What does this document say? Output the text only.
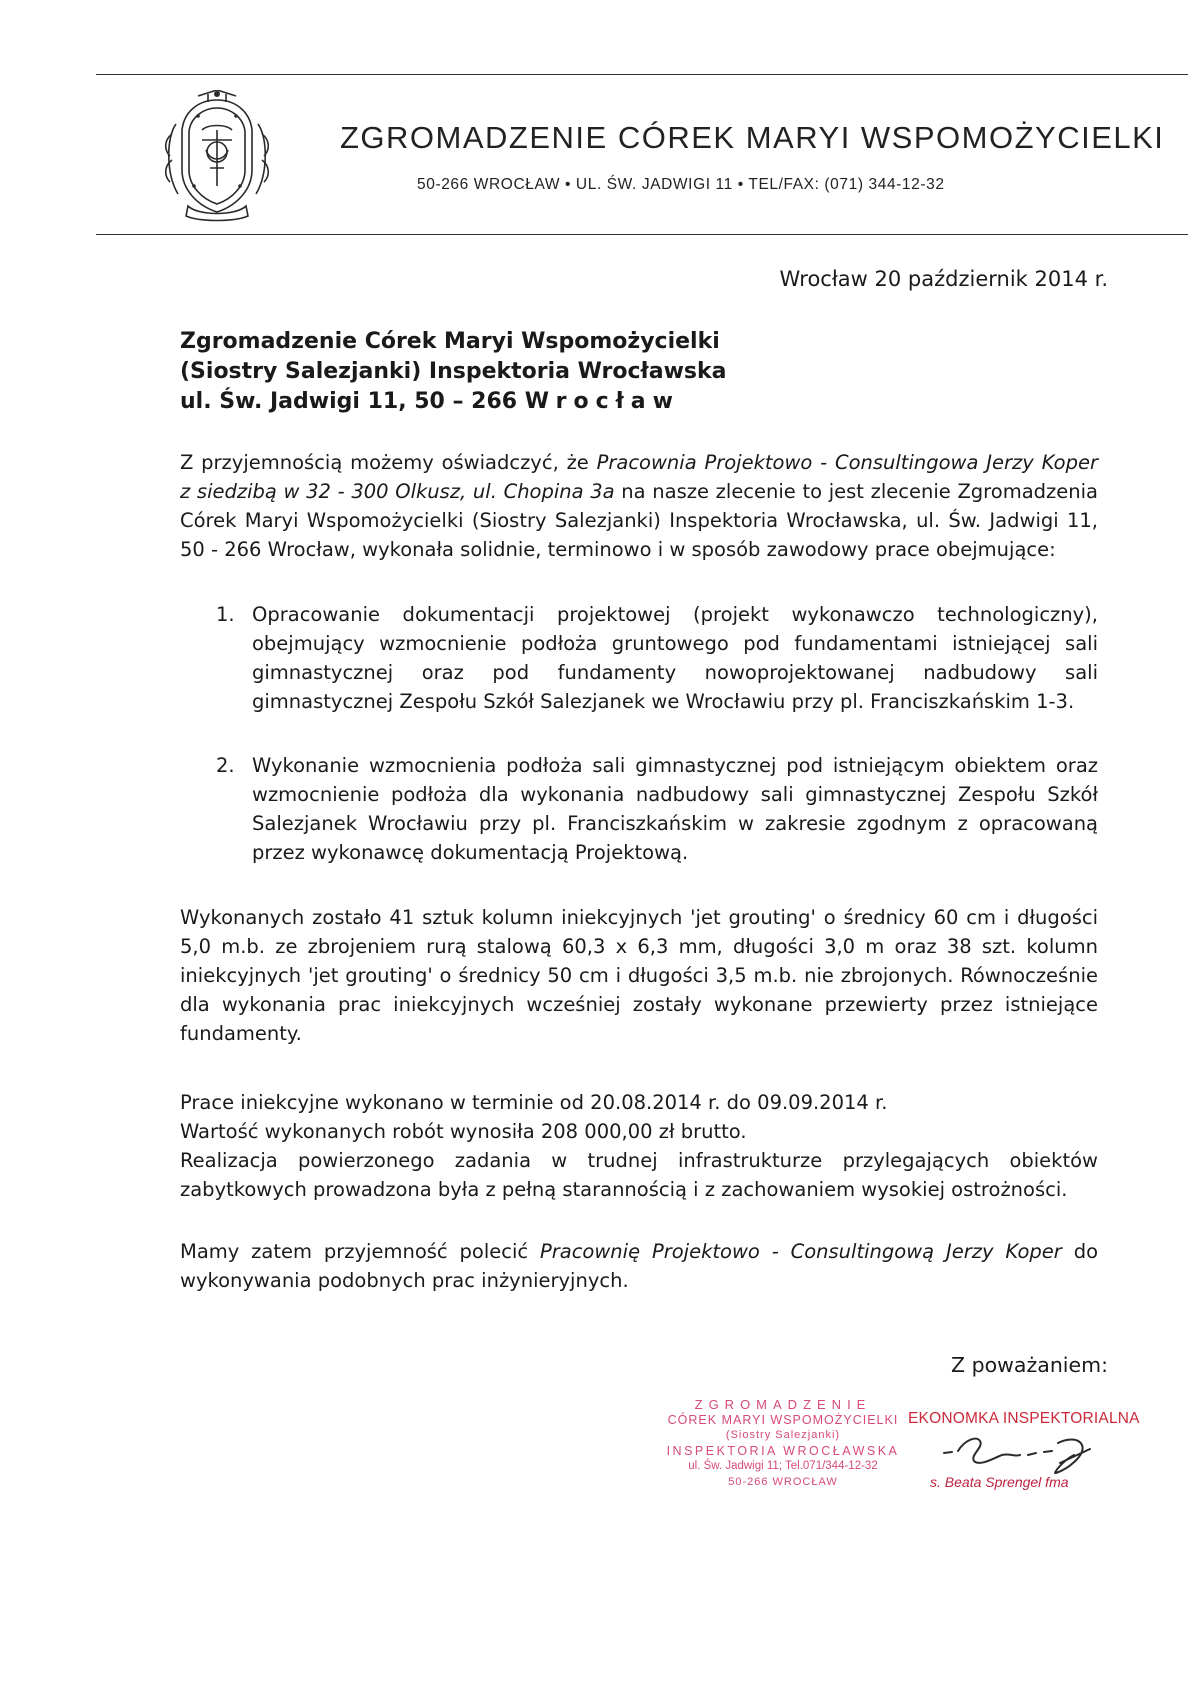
ZGROMADZENIE CÓREK MARYI WSPOMOŻYCIELKI
50-266 WROCŁAW • UL. ŚW. JADWIGI 11 • TEL/FAX: (071) 344-12-32
Wrocław 20 październik 2014 r.
Zgromadzenie Córek Maryi Wspomożycielki
(Siostry Salezjanki) Inspektoria Wrocławska
ul. Św. Jadwigi 11, 50 – 266 Wrocław

Z przyjemnością możemy oświadczyć, że Pracownia Projektowo - Consultingowa Jerzy Koper z siedzibą w 32 - 300 Olkusz, ul. Chopina 3a na nasze zlecenie to jest zlecenie Zgromadzenia Córek Maryi Wspomożycielki (Siostry Salezjanki) Inspektoria Wrocławska, ul. Św. Jadwigi 11, 50 - 266 Wrocław, wykonała solidnie, terminowo i w sposób zawodowy prace obejmujące:

1. Opracowanie dokumentacji projektowej (projekt wykonawczo technologiczny), obejmujący wzmocnienie podłoża gruntowego pod fundamentami istniejącej sali gimnastycznej oraz pod fundamenty nowoprojektowanej nadbudowy sali gimnastycznej Zespołu Szkół Salezjanek we Wrocławiu przy pl. Franciszkańskim 1-3.
2. Wykonanie wzmocnienia podłoża sali gimnastycznej pod istniejącym obiektem oraz wzmocnienie podłoża dla wykonania nadbudowy sali gimnastycznej Zespołu Szkół Salezjanek Wrocławiu przy pl. Franciszkańskim w zakresie zgodnym z opracowaną przez wykonawcę dokumentacją Projektową.

Wykonanych zostało 41 sztuk kolumn iniekcyjnych 'jet grouting' o średnicy 60 cm i długości 5,0 m.b. ze zbrojeniem rurą stalową 60,3 x 6,3 mm, długości 3,0 m oraz 38 szt. kolumn iniekcyjnych 'jet grouting' o średnicy 50 cm i długości 3,5 m.b. nie zbrojonych. Równocześnie dla wykonania prac iniekcyjnych wcześniej zostały wykonane przewierty przez istniejące fundamenty.

Prace iniekcyjne wykonano w terminie od 20.08.2014 r. do 09.09.2014 r.

Wartość wykonanych robót wynosiła 208 000,00 zł brutto.

Realizacja powierzonego zadania w trudnej infrastrukturze przylegających obiektów zabytkowych prowadzona była z pełną starannością i z zachowaniem wysokiej ostrożności.

Mamy zatem przyjemność polecić Pracownię Projektowo - Consultingową Jerzy Koper do wykonywania podobnych prac inżynieryjnych.

Z poważaniem:
ZGROMADZENIE
CÓREK MARYI WSPOMOŻYCIELKI
(Siostry Salezjanki)
INSPEKTORIA WROCŁAWSKA
ul. Św. Jadwigi 11; Tel.071/344-12-32
50-266 WROCŁAW
EKONOMKA INSPEKTORIALNA
s. Beata Sprengel fma
